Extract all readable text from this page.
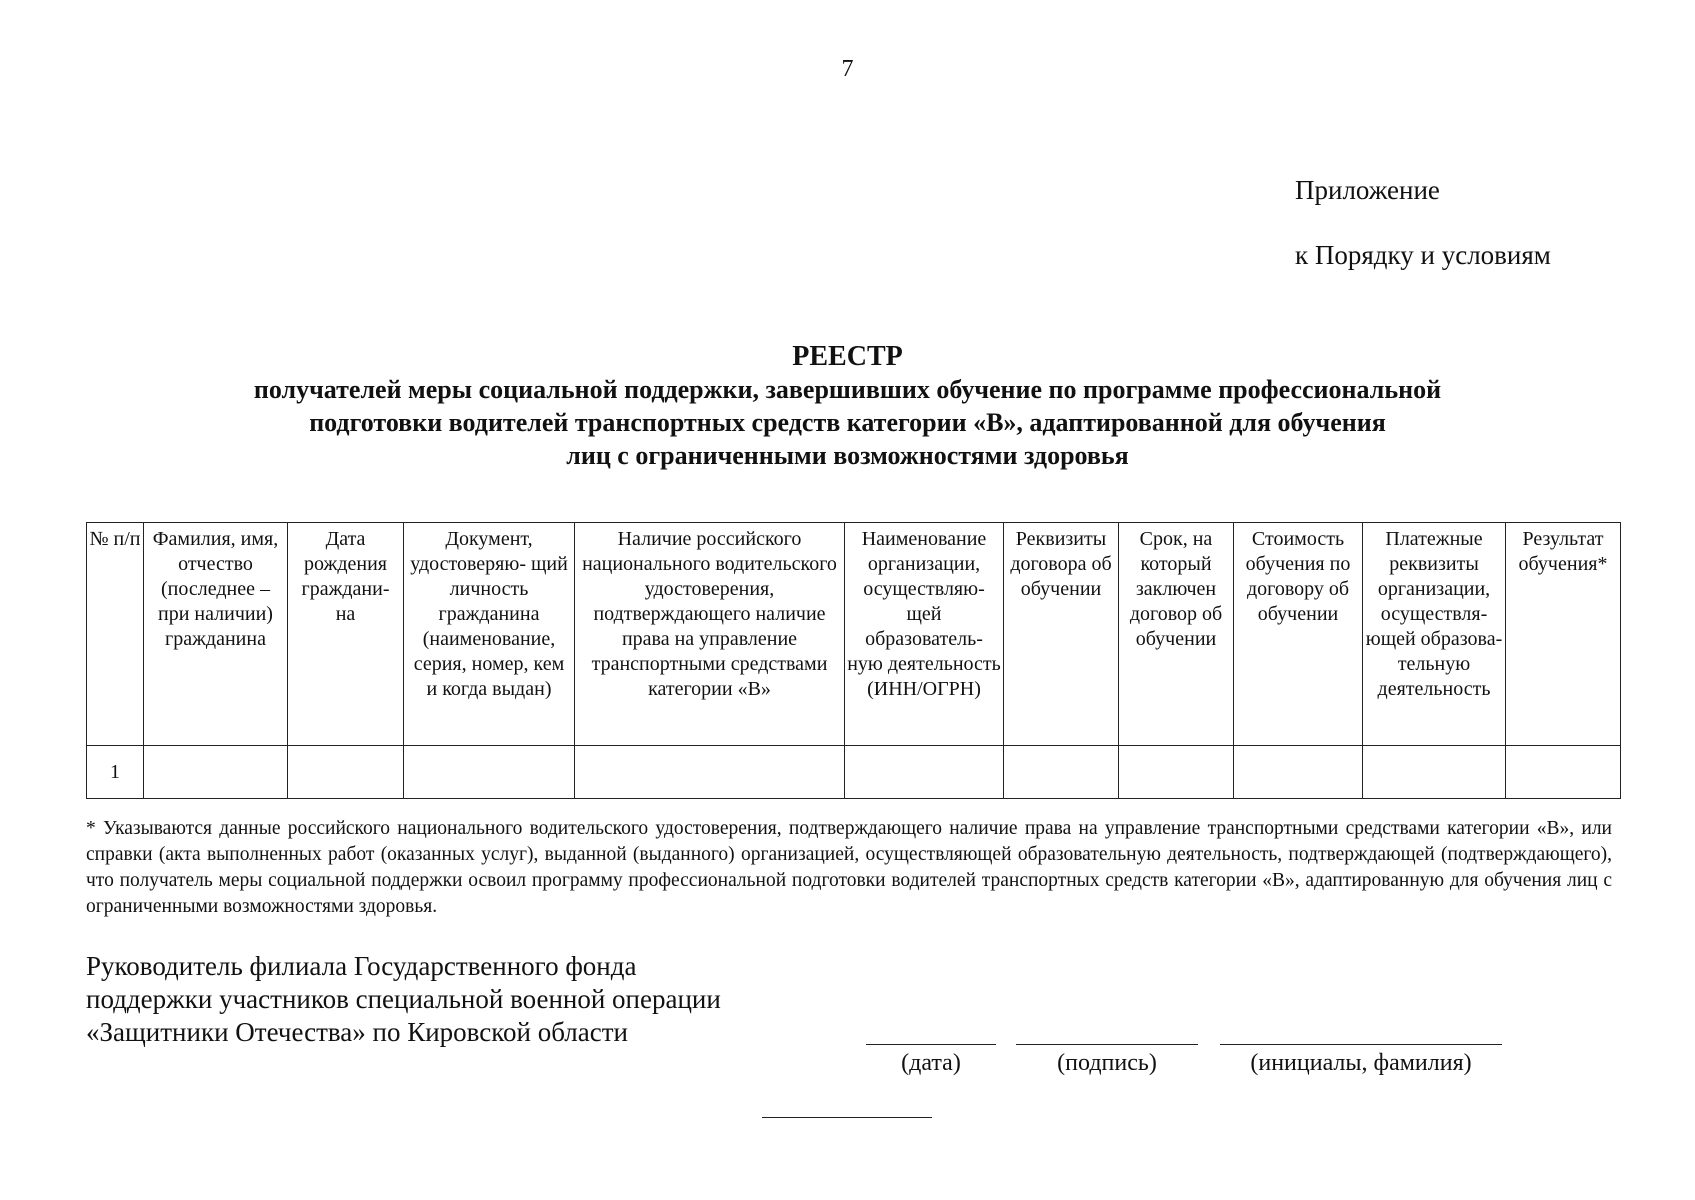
7
Приложение
к Порядку и условиям
РЕЕСТР
получателей меры социальной поддержки, завершивших обучение по программе профессиональной
подготовки водителей транспортных средств категории «В», адаптированной для обучения
лиц с ограниченными возможностями здоровья
№ п/п	Фамилия, имя, отчество (последнее – при наличии) гражданина	Дата рождения граждани- на	Документ, удостоверяю- щий личность гражданина (наименование, серия, номер, кем и когда выдан)	Наличие российского национального водительского удостоверения, подтверждающего наличие права на управление транспортными средствами категории «В»	Наименование организации, осуществляю- щей образователь- ную деятельность (ИНН/ОГРН)	Реквизиты договора об обучении	Срок, на который заключен договор об обучении	Стоимость обучения по договору об обучении	Платежные реквизиты организации, осуществля- ющей образова- тельную деятельность	Результат обучения*
1										
* Указываются данные российского национального водительского удостоверения, подтверждающего наличие права на управление транспортными средствами категории «В», или справки (акта выполненных работ (оказанных услуг), выданной (выданного) организацией, осуществляющей образовательную деятельность, подтверждающей (подтверждающего), что получатель меры социальной поддержки освоил программу профессиональной подготовки водителей транспортных средств категории «В», адаптированную для обучения лиц с ограниченными возможностями здоровья.
Руководитель филиала Государственного фонда
поддержки участников специальной военной операции
«Защитники Отечества» по Кировской области
(дата)	(подпись)	(инициалы, фамилия)
